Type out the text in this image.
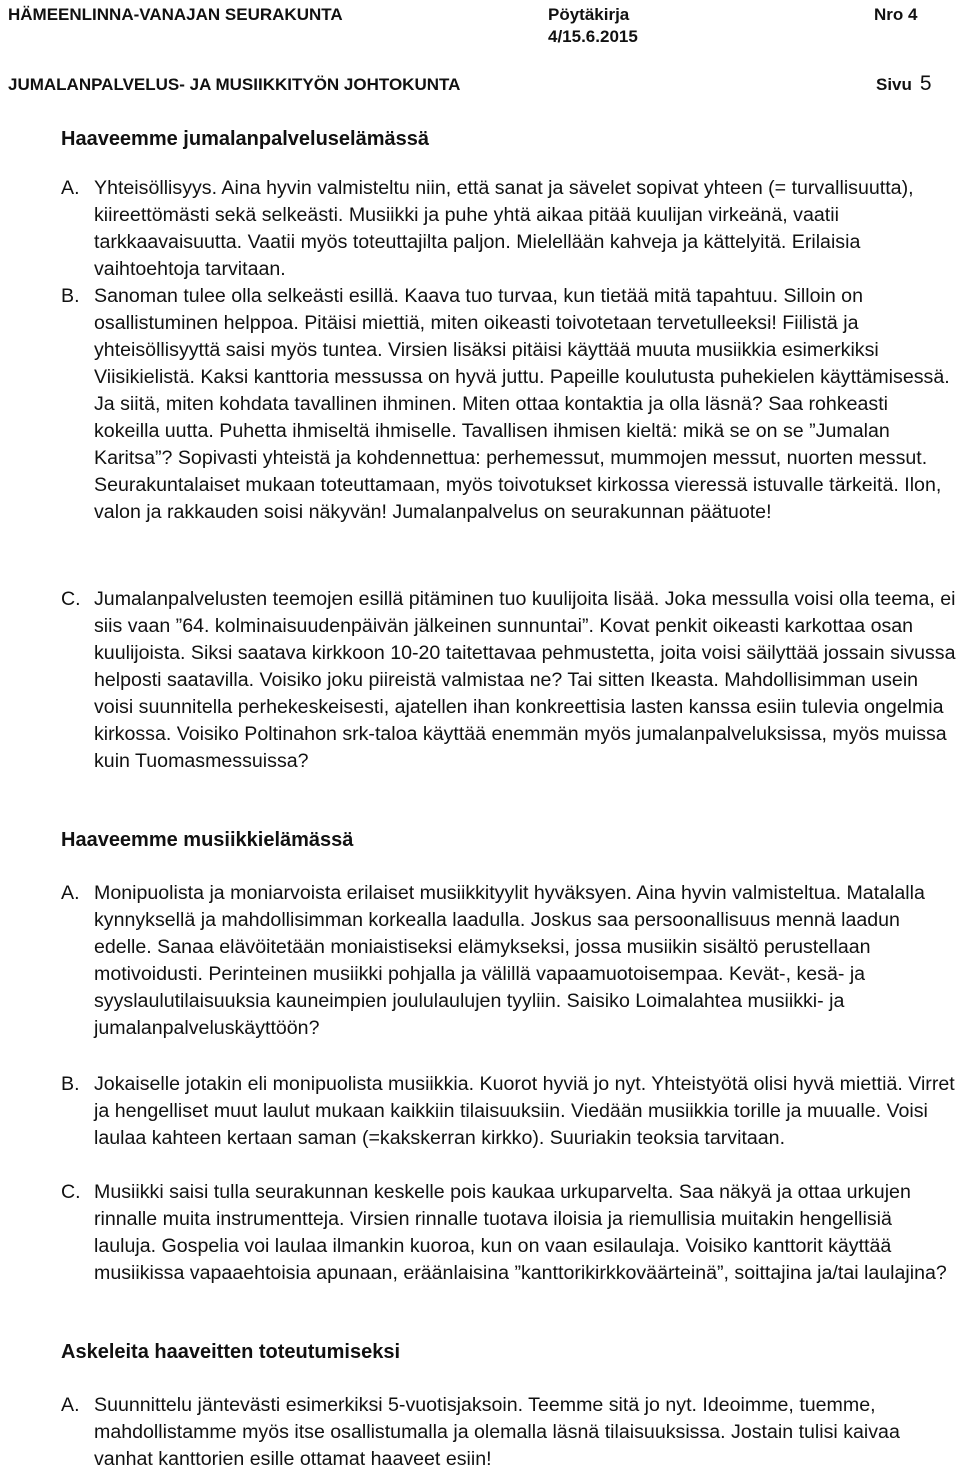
HÄMEENLINNA-VANAJAN SEURAKUNTA	Pöytäkirja
4/15.6.2015
Nro 4
JUMALANPALVELUS- JA MUSIIKKITYÖN JOHTOKUNTA	Sivu 5
Haaveemme jumalanpalveluselämässä
A. Yhteisöllisyys. Aina hyvin valmisteltu niin, että sanat ja sävelet sopivat yhteen (= turvallisuutta), kiireettömästi sekä selkeästi. Musiikki ja puhe yhtä aikaa pitää kuulijan virkeänä, vaatii tarkkaavaisuutta. Vaatii myös toteuttajilta paljon. Mielellään kahveja ja kättelyitä. Erilaisia vaihtoehtoja tarvitaan.
B. Sanoman tulee olla selkeästi esillä. Kaava tuo turvaa, kun tietää mitä tapahtuu. Silloin on osallistuminen helppoa. Pitäisi miettiä, miten oikeasti toivotetaan tervetulleeksi! Fiilistä ja yhteisöllisyyttä saisi myös tuntea. Virsien lisäksi pitäisi käyttää muuta musiikkia esimerkiksi Viisikielistä. Kaksi kanttoria messussa on hyvä juttu. Papeille koulutusta puhekielen käyttämisessä. Ja siitä, miten kohdata tavallinen ihminen. Miten ottaa kontaktia ja olla läsnä? Saa rohkeasti kokeilla uutta. Puhetta ihmiseltä ihmiselle. Tavallisen ihmisen kieltä: mikä se on se ”Jumalan Karitsa”? Sopivasti yhteistä ja kohdennettua: perhemessut, mummojen messut, nuorten messut. Seurakuntalaiset mukaan toteuttamaan, myös toivotukset kirkossa vieressä istuvalle tärkeitä. Ilon, valon ja rakkauden soisi näkyvän! Jumalanpalvelus on seurakunnan päätuote!
C. Jumalanpalvelusten teemojen esillä pitäminen tuo kuulijoita lisää. Joka messulla voisi olla teema, ei siis vaan ”64. kolminaisuudenpäivän jälkeinen sunnuntai”. Kovat penkit oikeasti karkottaa osan kuulijoista. Siksi saatava kirkkoon 10-20 taitettavaa pehmustetta, joita voisi säilyttää jossain sivussa helposti saatavilla. Voisiko joku piireistä valmistaa ne? Tai sitten Ikeasta. Mahdollisimman usein voisi suunnitella perhekeskeisesti, ajatellen ihan konkreettisia lasten kanssa esiin tulevia ongelmia kirkossa. Voisiko Poltinahon srk-taloa käyttää enemmän myös jumalanpalveluksissa, myös muissa kuin Tuomasmessuissa?
Haaveemme musiikkielämässä
A. Monipuolista ja moniarvoista erilaiset musiikkityylit hyväksyen. Aina hyvin valmisteltua. Matalalla kynnyksellä ja mahdollisimman korkealla laadulla. Joskus saa persoonallisuus mennä laadun edelle. Sanaa elävöitetään moniaistiseksi elämykseksi, jossa musiikin sisältö perustellaan motivoidusti. Perinteinen musiikki pohjalla ja välillä vapaamuotoisempaa. Kevät-, kesä- ja syyslaulutilaisuuksia kauneimpien joululaulujen tyyliin. Saisiko Loimalahtea musiikki- ja jumalanpalveluskäyttöön?
B. Jokaiselle jotakin eli monipuolista musiikkia. Kuorot hyviä jo nyt. Yhteistyötä olisi hyvä miettiä. Virret ja hengelliset muut laulut mukaan kaikkiin tilaisuuksiin. Viedään musiikkia torille ja muualle. Voisi laulaa kahteen kertaan saman (=kakskerran kirkko). Suuriakin teoksia tarvitaan.
C. Musiikki saisi tulla seurakunnan keskelle pois kaukaa urkuparvelta. Saa näkyä ja ottaa urkujen rinnalle muita instrumentteja. Virsien rinnalle tuotava iloisia ja riemullisia muitakin hengellisiä lauluja. Gospelia voi laulaa ilmankin kuoroa, kun on vaan esilaulaja. Voisiko kanttorit käyttää musiikissa vapaaehtoisia apunaan, eräänlaisina ”kanttorikirkkoväärteinä”, soittajina ja/tai laulajina?
Askeleita haaveitten toteutumiseksi
A. Suunnittelu jäntevästi esimerkiksi 5-vuotisjaksoin. Teemme sitä jo nyt. Ideoimme, tuemme, mahdollistamme myös itse osallistumalla ja olemalla läsnä tilaisuuksissa. Jostain tulisi kaivaa vanhat kanttorien esille ottamat haaveet esiin!
